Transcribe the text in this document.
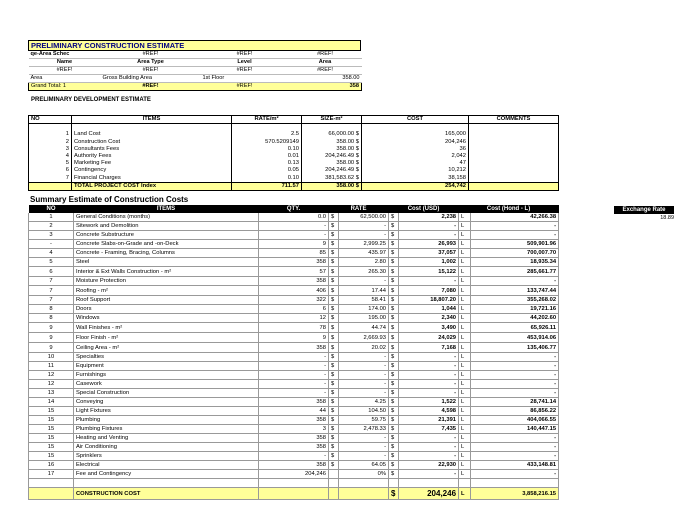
PRELIMINARY CONSTRUCTION ESTIMATE
qe-Area Schec	#REF!	#REF!	#REF!
Name	Area Type	Level	Area
#REF!	#REF!	#REF!	#REF!
Area	Gross Building Area	1st Floor	358.00
Grand Total: 1	#REF!	#REF!	358
PRELIMINARY DEVELOPMENT ESTIMATE
NO	ITEMS	RATE/m²	SIZE-m²	COST	COMMENTS

1	Land Cost	2.5	66,000.00 $	165,000	
2	Construction Cost	570.5209149	358.00 $	204,246	
3	Consultants Fees	0.10	358.00 $	36	
4	Authority Fees	0.01	204,246.49 $	2,042	
5	Marketing Fee	0.13	358.00 $	47	
6	Contingency	0.05	204,246.49 $	10,212	
7	Financial Charges	0.10	381,583.62 $	38,158	
	TOTAL PROJECT COST Index	711.57	358.00 $	254,742	
Summary Estimate of Construction Costs
NO	ITEMS	QTY.	RATE		Cost (USD)		Cost (Hond - L)	
1	General Conditions (months)	0.0	$	62,500.00	$	2,238	L	42,266.38
2	Sitework and Demolition	-	$	-	$	-	L	-
3	Concrete Substructure	-	$	-	$	-	L	-
-	Concrete Slabs-on-Grade and -on-Deck	9	$	2,999.25	$	26,993	L	509,901.96
4	Concrete - Framing, Bracing, Columns	85	$	435.97	$	37,057	L	700,007.70
5	Steel	358	$	2.80	$	1,002	L	18,935.34
6	Interior & Ext Walls Construction - m²	57	$	265.30	$	15,122	L	285,661.77
7	Moisture Protection	358	$	-	$	-	L	-
7	Roofing - m²	406	$	17.44	$	7,080	L	133,747.44
7	Roof Support	322	$	58.41	$	18,807.20	L	355,268.02
8	Doors	6	$	174.00	$	1,044	L	19,721.16
8	Windows	12	$	195.00	$	2,340	L	44,202.60
9	Wall Finishes - m²	78	$	44.74	$	3,490	L	65,926.11
9	Floor Finish - m²	9	$	2,669.93	$	24,029	L	453,914.06
9	Ceiling Area - m²	358	$	20.02	$	7,168	L	135,406.77
10	Specialties	-	$	-	$	-	L	-
11	Equipment	-	$	-	$	-	L	-
12	Furnishings	-	$	-	$	-	L	-
12	Casework	-	$	-	$	-	L	-
13	Special Construction	-	$	-	$	-	L	-
14	Conveying	358	$	4.25	$	1,522	L	28,741.14
15	Light Fixtures	44	$	104.50	$	4,598	L	86,856.22
15	Plumbing	358	$	59.75	$	21,391	L	404,066.55
15	Plumbing Fixtures	3	$	2,478.33	$	7,435	L	140,447.15
15	Heating and Venting	358	$	-	$	-	L	-
15	Air Conditioning	358	$	-	$	-	L	-
15	Sprinklers	-	$	-	$	-	L	-
16	Electrical	358	$	64.05	$	22,930	L	433,148.81
17	Fee and Contingency	204,246		0%	$	-	L	-

	CONSTRUCTION COST				$	204,246	L	3,858,216.15
Exchange Rate
18.89
